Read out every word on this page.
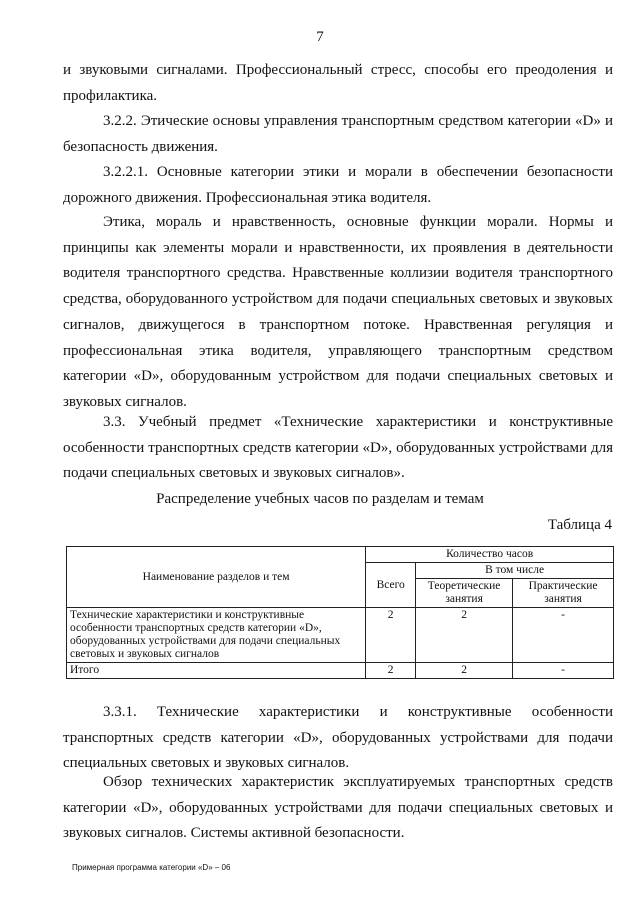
7

и звуковыми сигналами. Профессиональный стресс, способы его преодоления и профилактика.

3.2.2. Этические основы управления транспортным средством категории «D» и безопасность движения.

3.2.2.1. Основные категории этики и морали в обеспечении безопасности дорожного движения. Профессиональная этика водителя.

Этика, мораль и нравственность, основные функции морали. Нормы и принципы как элементы морали и нравственности, их проявления в деятельности водителя транспортного средства. Нравственные коллизии водителя транспортного средства, оборудованного устройством для подачи специальных световых и звуковых сигналов, движущегося в транспортном потоке. Нравственная регуляция и профессиональная этика водителя, управляющего транспортным средством категории «D», оборудованным устройством для подачи специальных световых и звуковых сигналов.

3.3. Учебный предмет «Технические характеристики и конструктивные особенности транспортных средств категории «D», оборудованных устройствами для подачи специальных световых и звуковых сигналов».

Распределение учебных часов по разделам и темам
Таблица 4
Наименование разделов и тем	Количество часов		
	Всего	В том числе	
		Теоретические занятия	Практические занятия
Технические характеристики и конструктивные особенности транспортных средств категории «D», оборудованных устройствами для подачи специальных световых и звуковых сигналов	2	2	-
Итого	2	2	-

3.3.1. Технические характеристики и конструктивные особенности транспортных средств категории «D», оборудованных устройствами для подачи специальных световых и звуковых сигналов.

Обзор технических характеристик эксплуатируемых транспортных средств категории «D», оборудованных устройствами для подачи специальных световых и звуковых сигналов. Системы активной безопасности.

Примерная программа категории «D» – 06
